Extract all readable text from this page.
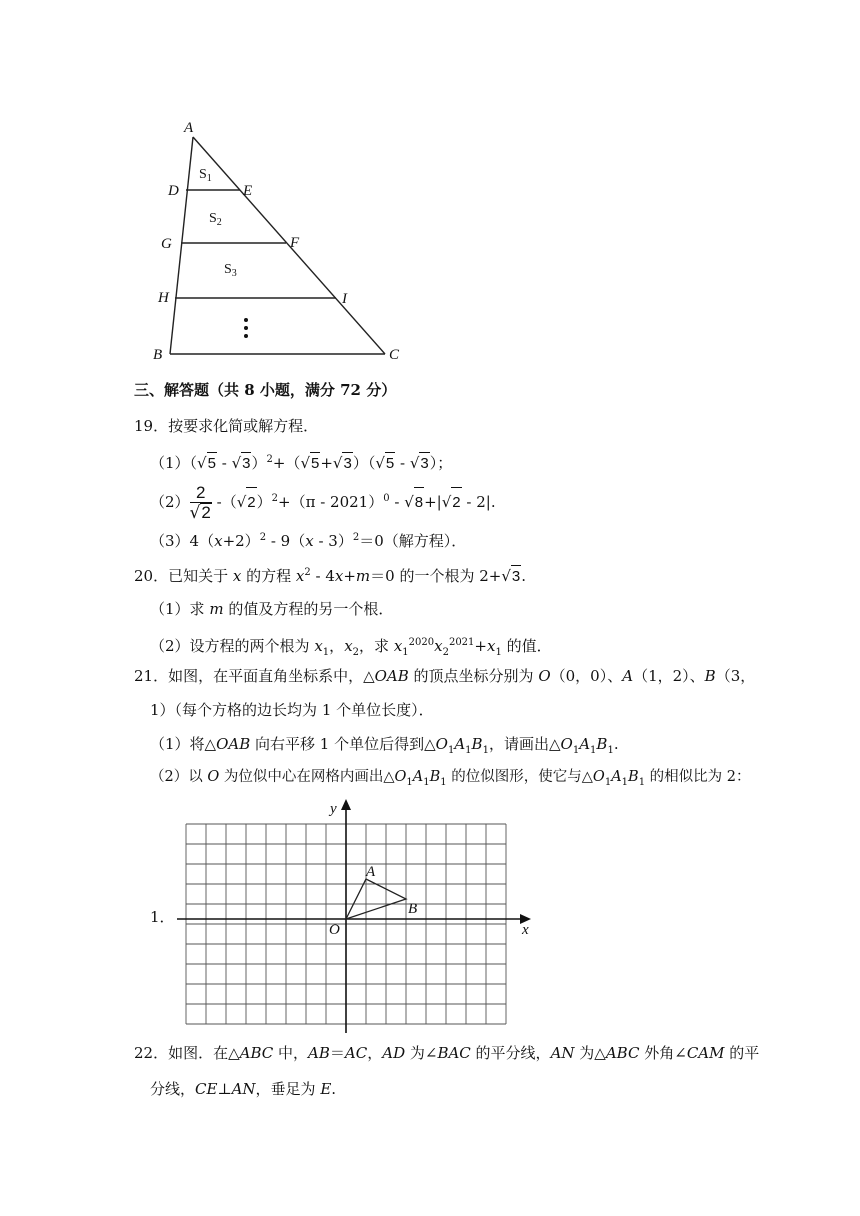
A
D	E
G	F
H	I
B	C
$S_1$
$S_2$
$S_3$
三、解答题（共 8 小题，满分 72 分）
19．按要求化简或解方程．
（1）（√5 - √3）$^2$+（√5+√3）（√5 - √3）；
$(2) \frac{2}{√2} -(√2)^2+(\pi - 2021)^0 - √8+|√2 - 2|$.
$(3)4(x+2)^2 - 9(x - 3)^2=0$（解方程）．
20．已知关于 x 的方程 $x^2 - 4x+m=0$ 的一个根为 2+√3.
（1）求 m 的值及方程的另一个根．
（2）设方程的两个根为 $x_1$，$x_2$，求 $x_1^{2020}x_2^{2021}+x_1$ 的值．
21．如图，在平面直角坐标系中，△OAB 的顶点坐标分别为 O（0，0）、A（1，2）、B（3，
1）（每个方格的边长均为 1 个单位长度）．
（1）将△OAB 向右平移 1 个单位后得到$\triangle O_1A_1B_1$，请画出$\triangle O_1A_1B_1$.
（2）以 O 为位似中心在网格内画出$\triangle O_1A_1B_1$ 的位似图形，使它与$\triangle O_1A_1B_1$ 的相似比为 2：
1．
x
y
O
A
B
22．如图．在△ABC 中，AB＝AC，AD 为∠BAC 的平分线，AN 为△ABC 外角∠CAM 的平
分线，CE⊥AN，垂足为 E.
